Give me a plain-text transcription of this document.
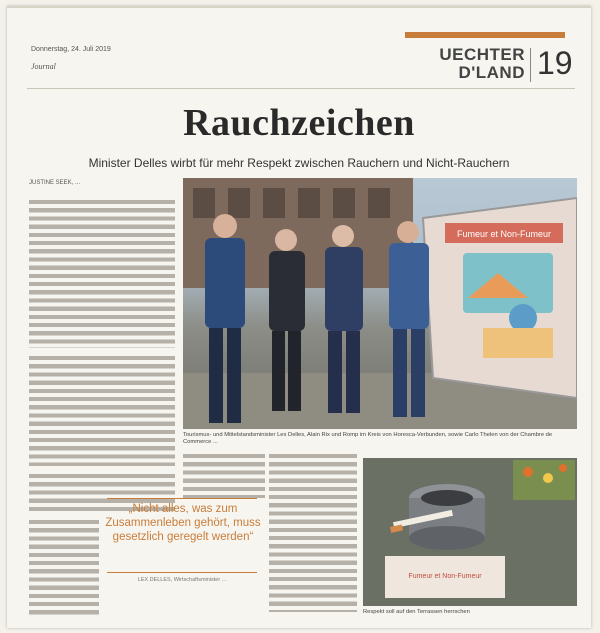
Donnerstag, 24. Juli 2019
Journal
UECHTER
D'LAND 19
Rauchzeichen
Minister Delles wirbt für mehr Respekt zwischen Rauchern und Nicht-Rauchern
JUSTINE SEEK, ...
Fumeur et Non-Fumeur
Tourismus- und Mittelstandsminister Lex Delles, Alain Rix und Romp im Kreis von Horesca-Verbunden, sowie Carlo Thelen von der Chambre de Commerce ...
„Nicht alles, was zum Zusammenleben gehört, muss gesetzlich geregelt werden“
LEX DELLES, Wirtschaftsminister ...	Fumeur et Non-Fumeur
Respekt soll auf den Terrassen herrschen
